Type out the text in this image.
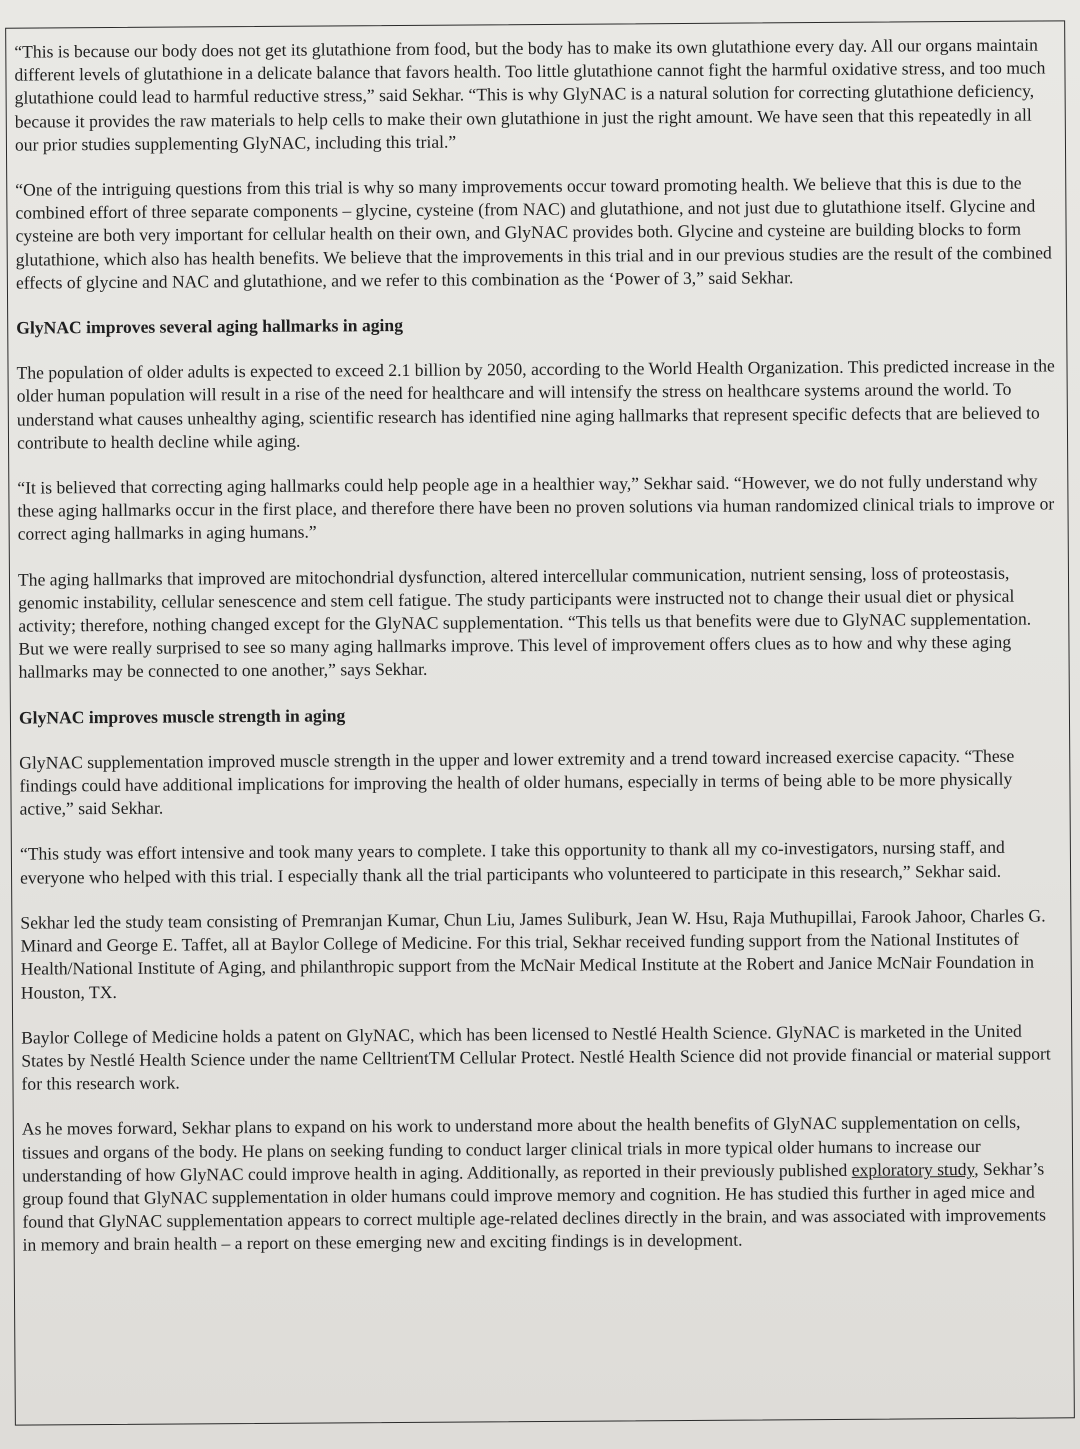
“This is because our body does not get its glutathione from food, but the body has to make its own glutathione every day. All our organs maintain different levels of glutathione in a delicate balance that favors health. Too little glutathione cannot fight the harmful oxidative stress, and too much glutathione could lead to harmful reductive stress,” said Sekhar. “This is why GlyNAC is a natural solution for correcting glutathione deficiency, because it provides the raw materials to help cells to make their own glutathione in just the right amount. We have seen that this repeatedly in all our prior studies supplementing GlyNAC, including this trial.”

“One of the intriguing questions from this trial is why so many improvements occur toward promoting health. We believe that this is due to the combined effort of three separate components – glycine, cysteine (from NAC) and glutathione, and not just due to glutathione itself. Glycine and cysteine are both very important for cellular health on their own, and GlyNAC provides both. Glycine and cysteine are building blocks to form glutathione, which also has health benefits. We believe that the improvements in this trial and in our previous studies are the result of the combined effects of glycine and NAC and glutathione, and we refer to this combination as the ‘Power of 3,” said Sekhar.

GlyNAC improves several aging hallmarks in aging

The population of older adults is expected to exceed 2.1 billion by 2050, according to the World Health Organization. This predicted increase in the older human population will result in a rise of the need for healthcare and will intensify the stress on healthcare systems around the world. To understand what causes unhealthy aging, scientific research has identified nine aging hallmarks that represent specific defects that are believed to contribute to health decline while aging.

“It is believed that correcting aging hallmarks could help people age in a healthier way,” Sekhar said. “However, we do not fully understand why these aging hallmarks occur in the first place, and therefore there have been no proven solutions via human randomized clinical trials to improve or correct aging hallmarks in aging humans.”

The aging hallmarks that improved are mitochondrial dysfunction, altered intercellular communication, nutrient sensing, loss of proteostasis, genomic instability, cellular senescence and stem cell fatigue. The study participants were instructed not to change their usual diet or physical activity; therefore, nothing changed except for the GlyNAC supplementation. “This tells us that benefits were due to GlyNAC supplementation. But we were really surprised to see so many aging hallmarks improve. This level of improvement offers clues as to how and why these aging hallmarks may be connected to one another,” says Sekhar.

GlyNAC improves muscle strength in aging

GlyNAC supplementation improved muscle strength in the upper and lower extremity and a trend toward increased exercise capacity. “These findings could have additional implications for improving the health of older humans, especially in terms of being able to be more physically active,” said Sekhar.

“This study was effort intensive and took many years to complete. I take this opportunity to thank all my co-investigators, nursing staff, and everyone who helped with this trial. I especially thank all the trial participants who volunteered to participate in this research,” Sekhar said.

Sekhar led the study team consisting of Premranjan Kumar, Chun Liu, James Suliburk, Jean W. Hsu, Raja Muthupillai, Farook Jahoor, Charles G. Minard and George E. Taffet, all at Baylor College of Medicine. For this trial, Sekhar received funding support from the National Institutes of Health/National Institute of Aging, and philanthropic support from the McNair Medical Institute at the Robert and Janice McNair Foundation in Houston, TX.

Baylor College of Medicine holds a patent on GlyNAC, which has been licensed to Nestlé Health Science. GlyNAC is marketed in the United States by Nestlé Health Science under the name CelltrientTM Cellular Protect. Nestlé Health Science did not provide financial or material support for this research work.

As he moves forward, Sekhar plans to expand on his work to understand more about the health benefits of GlyNAC supplementation on cells, tissues and organs of the body. He plans on seeking funding to conduct larger clinical trials in more typical older humans to increase our understanding of how GlyNAC could improve health in aging. Additionally, as reported in their previously published exploratory study, Sekhar’s group found that GlyNAC supplementation in older humans could improve memory and cognition. He has studied this further in aged mice and found that GlyNAC supplementation appears to correct multiple age-related declines directly in the brain, and was associated with improvements in memory and brain health – a report on these emerging new and exciting findings is in development.
